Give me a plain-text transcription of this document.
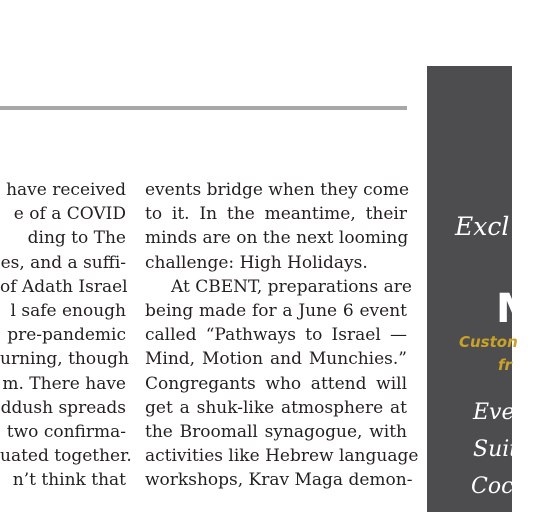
have received
e of a COVID
ding to The
es, and a suffi-
of Adath Israel
l safe enough
pre-pandemic
urning, though
m. There have
ddush spreads
two confirma-
uated together.
n’t think that
events bridge when they come
to it. In the meantime, their
minds are on the next looming
challenge: High Holidays.
At CBENT, preparations are
being made for a June 6 event
called “Pathways to Israel —
Mind, Motion and Munchies.”
Congregants who attend will
get a shuk-like atmosphere at
the Broomall synagogue, with
activities like Hebrew language
workshops, Krav Maga demon-
Excl
M
Custon
fr
Eve
Suit
Cock
